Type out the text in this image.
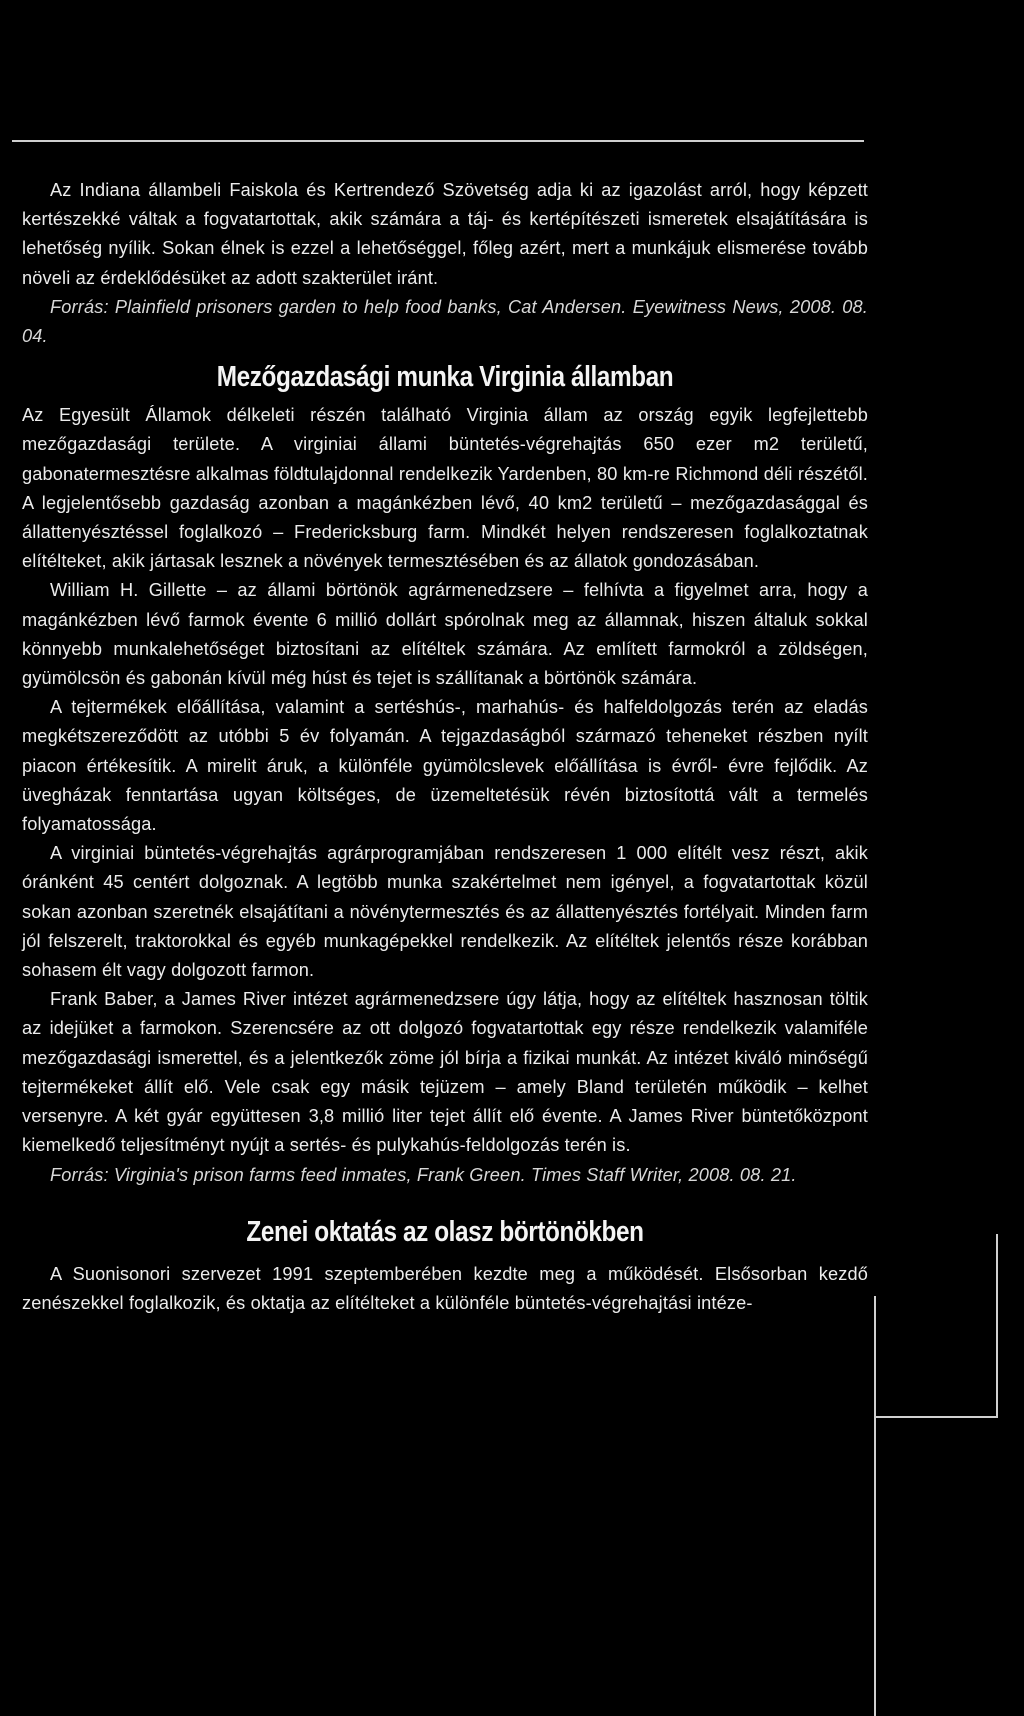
Az Indiana állambeli Faiskola és Kertrendező Szövetség adja ki az igazolást arról, hogy képzett kertészekké váltak a fogvatartottak, akik számára a táj- és kertépítészeti ismeretek elsajátítására is lehetőség nyílik. Sokan élnek is ezzel a lehetőséggel, főleg azért, mert a munkájuk elismerése tovább növeli az érdeklődésüket az adott szakterület iránt.

Forrás: Plainfield prisoners garden to help food banks, Cat Andersen. Eyewitness News, 2008. 08. 04.

Mezőgazdasági munka Virginia államban

Az Egyesült Államok délkeleti részén található Virginia állam az ország egyik legfejlettebb mezőgazdasági területe. A virginiai állami büntetés-végrehajtás 650 ezer m2 területű, gabonatermesztésre alkalmas földtulajdonnal rendelkezik Yardenben, 80 km-re Richmond déli részétől. A legjelentősebb gazdaság azonban a magánkézben lévő, 40 km2 területű – mezőgazdasággal és állattenyésztéssel foglalkozó – Fredericksburg farm. Mindkét helyen rendszeresen foglalkoztatnak elítélteket, akik jártasak lesznek a növények termesztésében és az állatok gondozásában.

William H. Gillette – az állami börtönök agrármenedzsere – felhívta a figyelmet arra, hogy a magánkézben lévő farmok évente 6 millió dollárt spórolnak meg az államnak, hiszen általuk sokkal könnyebb munkalehetőséget biztosítani az elítéltek számára. Az említett farmokról a zöldségen, gyümölcsön és gabonán kívül még húst és tejet is szállítanak a börtönök számára.

A tejtermékek előállítása, valamint a sertéshús-, marhahús- és halfeldolgozás terén az eladás megkétszereződött az utóbbi 5 év folyamán. A tejgazdaságból származó teheneket részben nyílt piacon értékesítik. A mirelit áruk, a különféle gyümölcslevek előállítása is évről- évre fejlődik. Az üvegházak fenntartása ugyan költséges, de üzemeltetésük révén biztosítottá vált a termelés folyamatossága.

A virginiai büntetés-végrehajtás agrárprogramjában rendszeresen 1 000 elítélt vesz részt, akik óránként 45 centért dolgoznak. A legtöbb munka szakértelmet nem igényel, a fogvatartottak közül sokan azonban szeretnék elsajátítani a növénytermesztés és az állattenyésztés fortélyait. Minden farm jól felszerelt, traktorokkal és egyéb munkagépekkel rendelkezik. Az elítéltek jelentős része korábban sohasem élt vagy dolgozott farmon.

Frank Baber, a James River intézet agrármenedzsere úgy látja, hogy az elítéltek hasznosan töltik az idejüket a farmokon. Szerencsére az ott dolgozó fogvatartottak egy része rendelkezik valamiféle mezőgazdasági ismerettel, és a jelentkezők zöme jól bírja a fizikai munkát. Az intézet kiváló minőségű tejtermékeket állít elő. Vele csak egy másik tejüzem – amely Bland területén működik – kelhet versenyre. A két gyár együttesen 3,8 millió liter tejet állít elő évente. A James River büntetőközpont kiemelkedő teljesítményt nyújt a sertés- és pulykahús-feldolgozás terén is.

Forrás: Virginia's prison farms feed inmates, Frank Green. Times Staff Writer, 2008. 08. 21.

Zenei oktatás az olasz börtönökben

A Suonisonori szervezet 1991 szeptemberében kezdte meg a működését. Elsősorban kezdő zenészekkel foglalkozik, és oktatja az elítélteket a különféle büntetés-végrehajtási intéze-
